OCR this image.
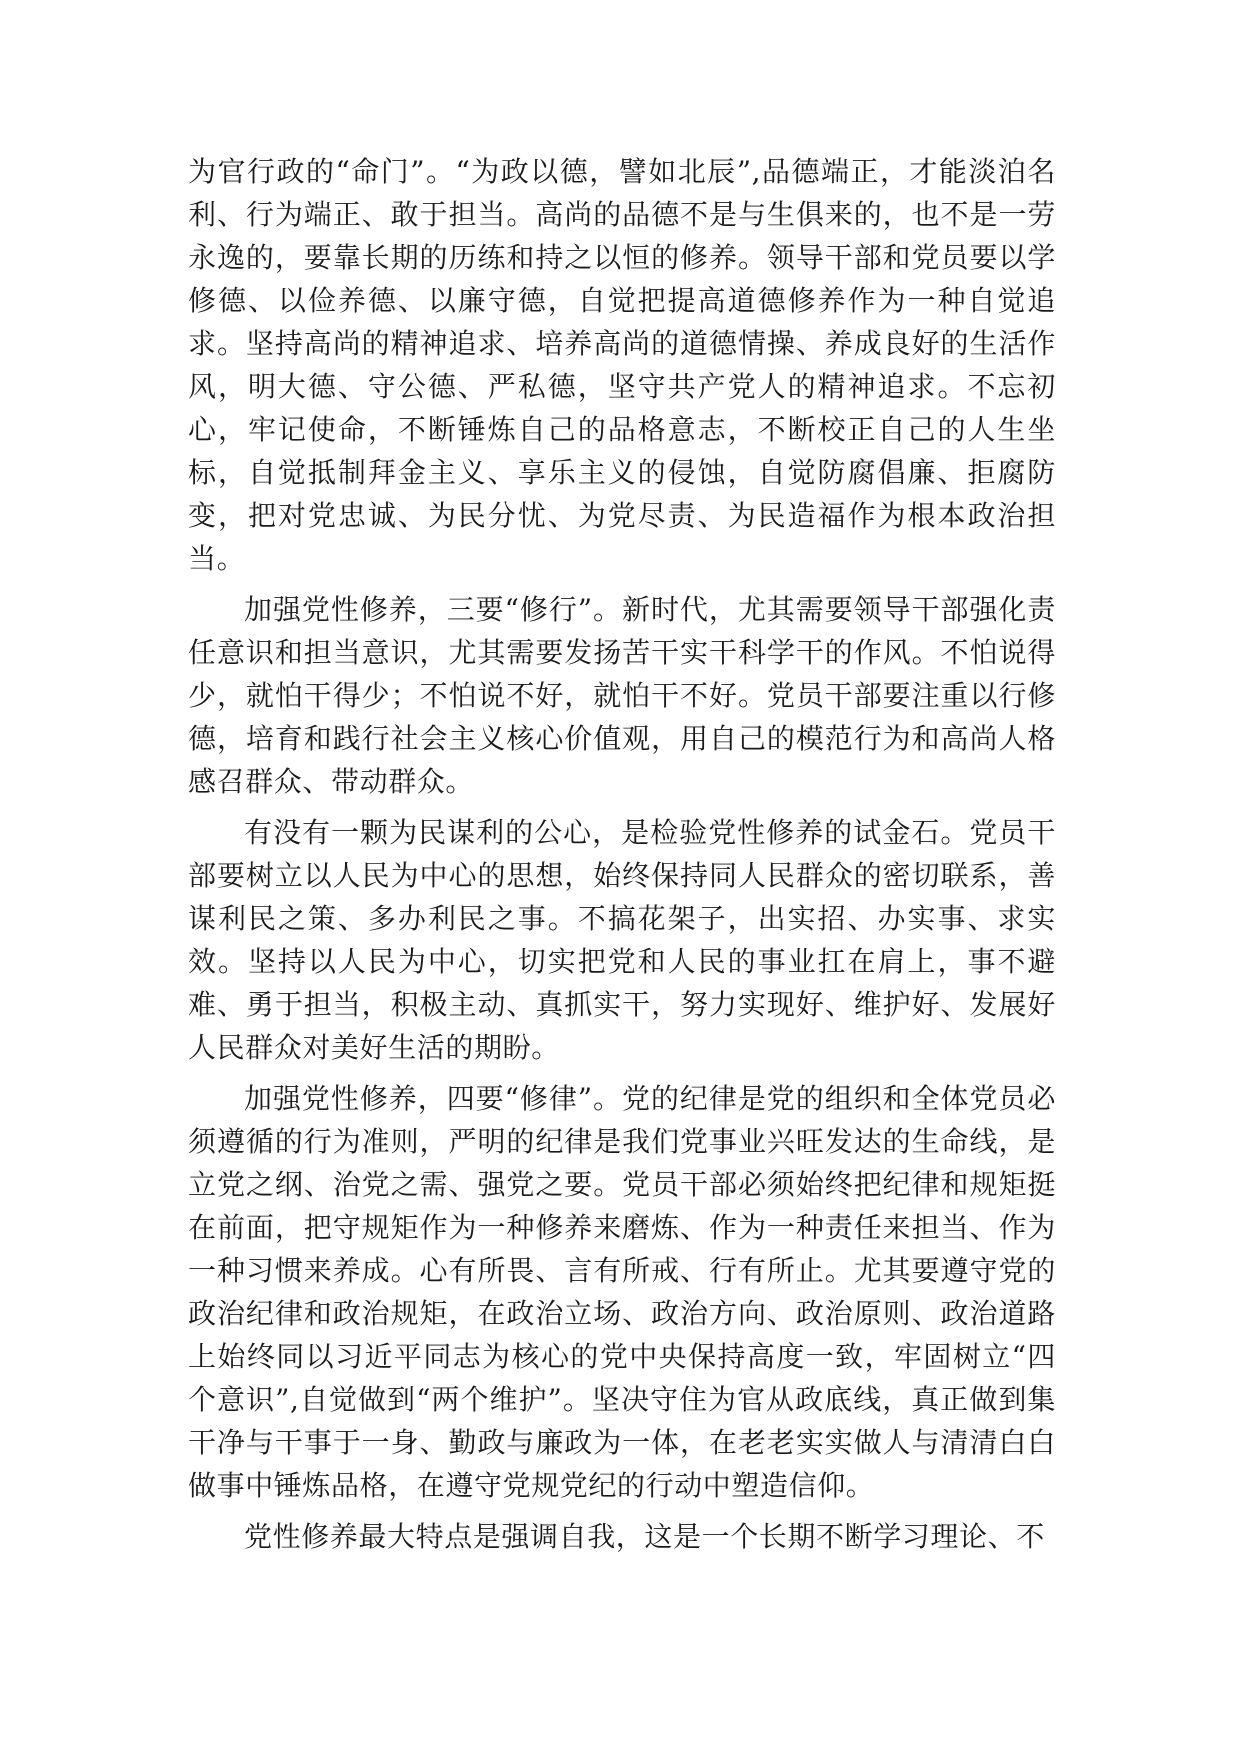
为官行政的“命门”。“为政以德，譬如北辰”,品德端正，才能淡泊名利、行为端正、敢于担当。高尚的品德不是与生俱来的，也不是一劳永逸的，要靠长期的历练和持之以恒的修养。领导干部和党员要以学修德、以俭养德、以廉守德，自觉把提高道德修养作为一种自觉追求。坚持高尚的精神追求、培养高尚的道德情操、养成良好的生活作风，明大德、守公德、严私德，坚守共产党人的精神追求。不忘初心，牢记使命，不断锤炼自己的品格意志，不断校正自己的人生坐标，自觉抵制拜金主义、享乐主义的侵蚀，自觉防腐倡廉、拒腐防变，把对党忠诚、为民分忧、为党尽责、为民造福作为根本政治担当。

加强党性修养，三要“修行”。新时代，尤其需要领导干部强化责任意识和担当意识，尤其需要发扬苦干实干科学干的作风。不怕说得少，就怕干得少；不怕说不好，就怕干不好。党员干部要注重以行修德，培育和践行社会主义核心价值观，用自己的模范行为和高尚人格感召群众、带动群众。

有没有一颗为民谋利的公心，是检验党性修养的试金石。党员干部要树立以人民为中心的思想，始终保持同人民群众的密切联系，善谋利民之策、多办利民之事。不搞花架子，出实招、办实事、求实效。坚持以人民为中心，切实把党和人民的事业扛在肩上，事不避难、勇于担当，积极主动、真抓实干，努力实现好、维护好、发展好人民群众对美好生活的期盼。

加强党性修养，四要“修律”。党的纪律是党的组织和全体党员必须遵循的行为准则，严明的纪律是我们党事业兴旺发达的生命线，是立党之纲、治党之需、强党之要。党员干部必须始终把纪律和规矩挺在前面，把守规矩作为一种修养来磨炼、作为一种责任来担当、作为一种习惯来养成。心有所畏、言有所戒、行有所止。尤其要遵守党的政治纪律和政治规矩，在政治立场、政治方向、政治原则、政治道路上始终同以习近平同志为核心的党中央保持高度一致，牢固树立“四个意识”,自觉做到“两个维护”。坚决守住为官从政底线，真正做到集干净与干事于一身、勤政与廉政为一体，在老老实实做人与清清白白做事中锤炼品格，在遵守党规党纪的行动中塑造信仰。

党性修养最大特点是强调自我，这是一个长期不断学习理论、不
